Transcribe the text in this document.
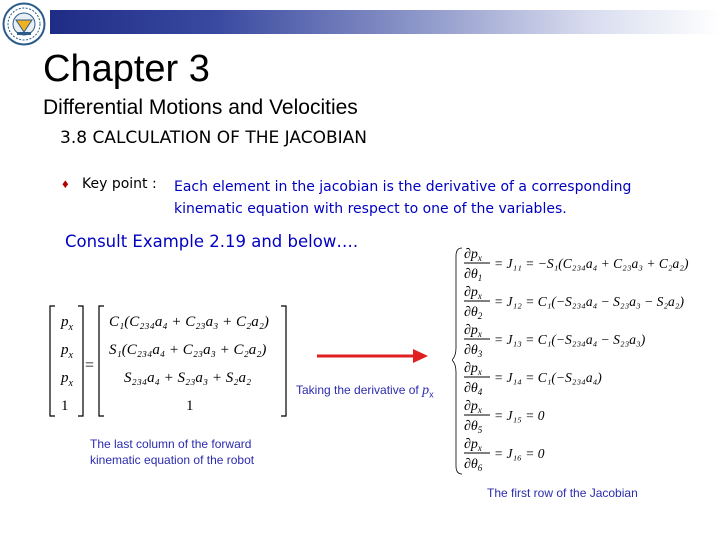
Chapter 3
Differential Motions and Velocities
3.8 CALCULATION OF THE JACOBIAN
♦ Key point : Each element in the jacobian is the derivative of a corresponding
kinematic equation with respect to one of the variables.
Consult Example 2.19 and below….
$p_x$
$p_x$
$p_x$
1
=
C₁(C₂₃₄a₄ + C₂₃a₃ + C₂a₂)
S₁(C₂₃₄a₄ + C₂₃a₃ + C₂a₂)
S₂₃₄a₄ + S₂₃a₃ + S₂a₂
1
Taking the derivative of $p_x$
The last column of the forward
kinematic equation of the robot
$\partial p_x$
$\partial\theta_1$
= J₁₁ = −S₁(C₂₃₄a₄ + C₂₃a₃ + C₂a₂)
$\partial p_x$
$\partial\theta_2$
= J₁₂ = C₁(−S₂₃₄a₄ − S₂₃a₃ − S₂a₂)
$\partial p_x$
$\partial\theta_3$
= J₁₃ = C₁(−S₂₃₄a₄ − S₂₃a₃)
$\partial p_x$
$\partial\theta_4$
= J₁₄ = C₁(−S₂₃₄a₄)
$\partial p_x$
$\partial\theta_5$
= J₁₅ = 0
$\partial p_x$
$\partial\theta_6$
= J₁₆ = 0
The first row of the Jacobian
